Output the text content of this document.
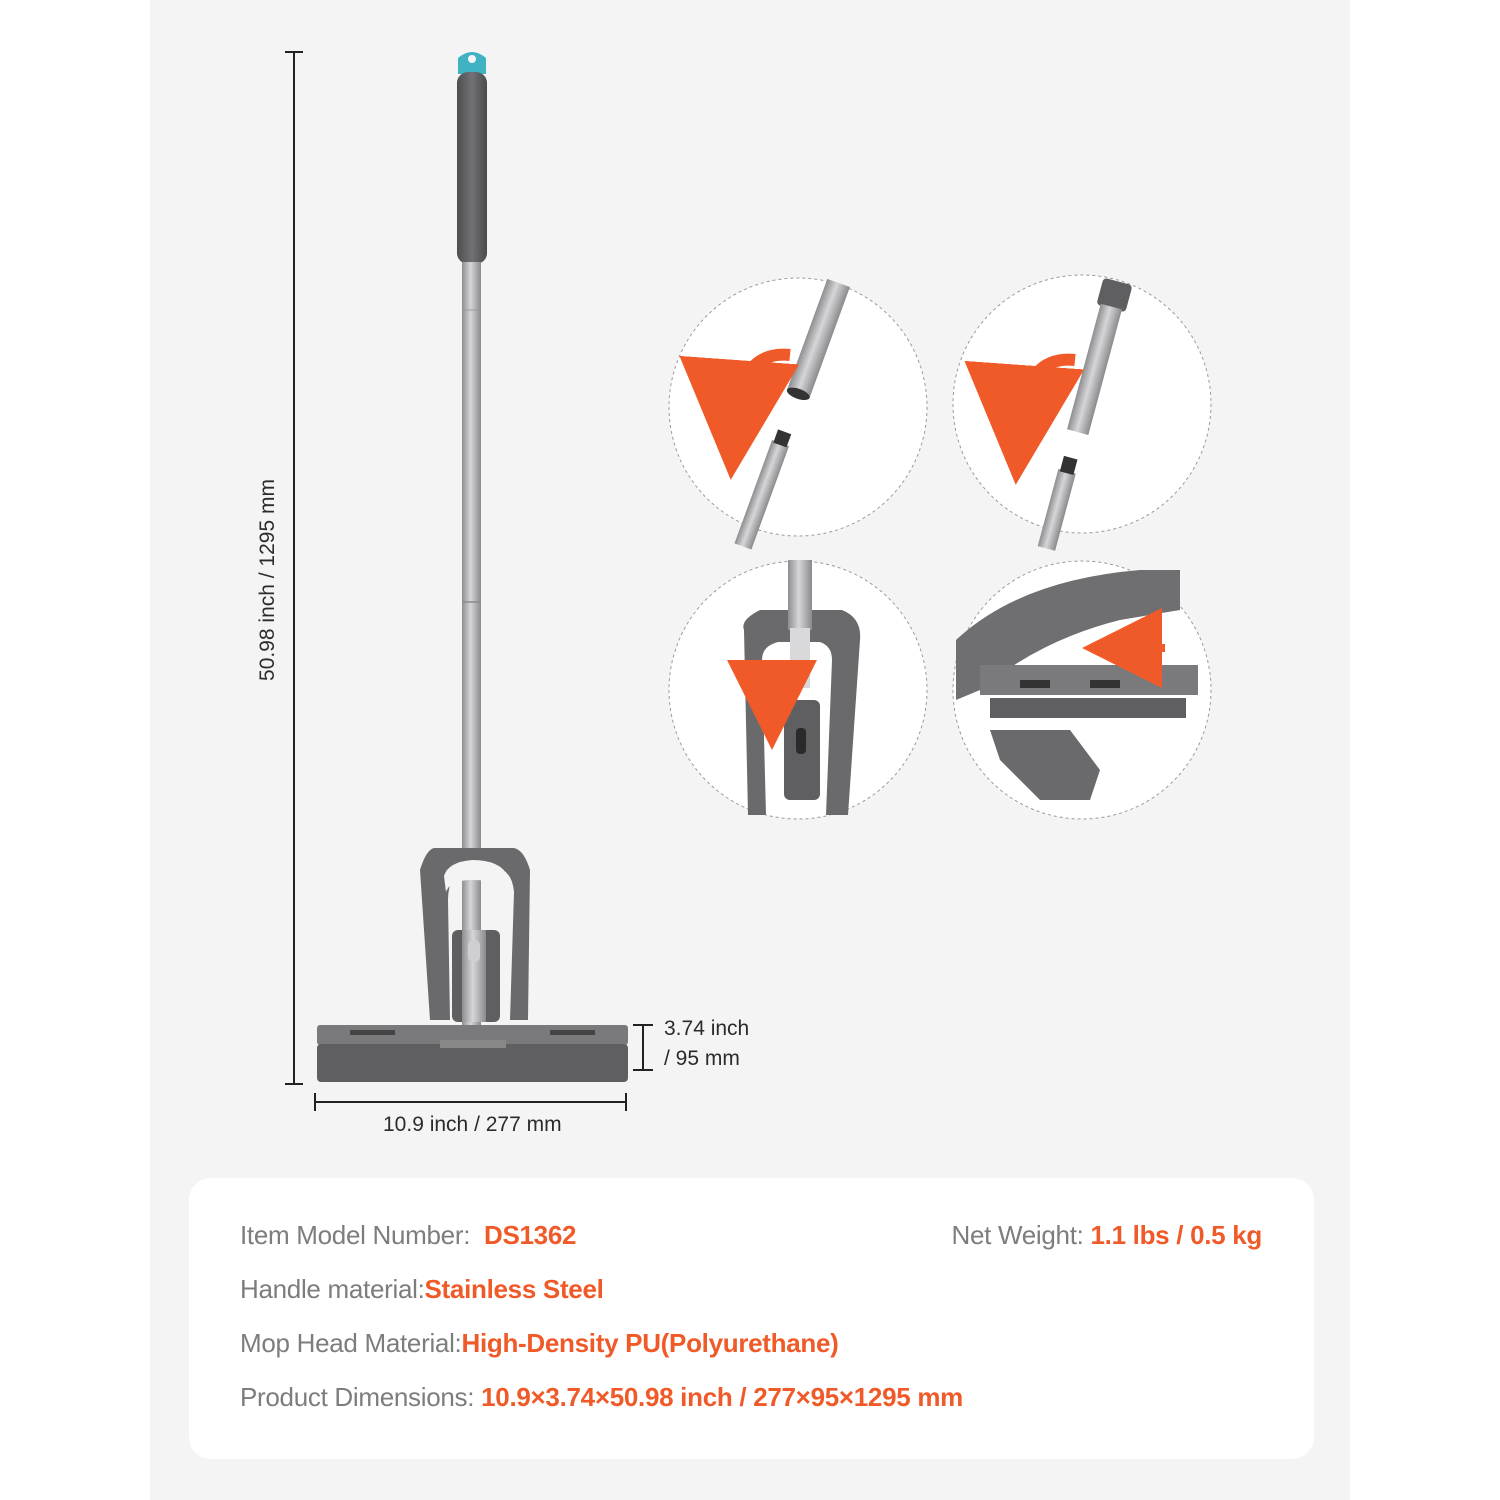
50.98 inch / 1295 mm
10.9 inch / 277 mm
3.74 inch
/ 95 mm
Item Model Number: DS1362	Net Weight: 1.1 lbs / 0.5 kg
Handle material:Stainless Steel
Mop Head Material:High-Density PU(Polyurethane)
Product Dimensions: 10.9×3.74×50.98 inch / 277×95×1295 mm
